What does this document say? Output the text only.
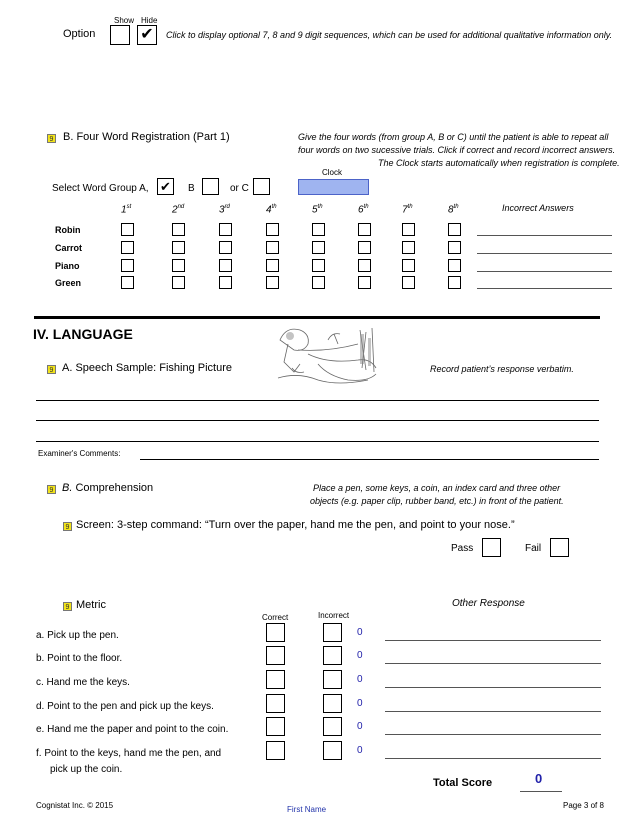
Show Hide
Option	✔	Click to display optional 7, 8 and 9 digit sequences, which can be used for additional qualitative information only.
9 B. Four Word Registration (Part 1)	Give the four words (from group A, B or C) until the patient is able to repeat all
four words on two sucessive trials. Click if correct and record incorrect answers.
The Clock starts automatically when registration is complete.
Clock
Select Word Group A, ✔	B	or C
1st	2nd	3rd	4th	5th	6th	7th	8th	Incorrect Answers
Robin
Carrot
Piano
Green
IV. LANGUAGE
9 A. Speech Sample: Fishing Picture	Record patient’s response verbatim.
Examiner's Comments:
9 B. Comprehension	Place a pen, some keys, a coin, an index card and three other
objects (e.g. paper clip, rubber band, etc.) in front of the patient.
9 Screen: 3-step command: “Turn over the paper, hand me the pen, and point to your nose.”
Pass	Fail
9 Metric	Other Response
Correct	Incorrect
a. Pick up the pen.	0
b. Point to the floor.	0
c. Hand me the keys.	0
d. Point to the pen and pick up the keys.	0
e. Hand me the paper and point to the coin.	0
f. Point to the keys, hand me the pen, and	0
pick up the coin.
Total Score	0
Cognistat Inc. © 2015	First Name	Page 3 of 8
